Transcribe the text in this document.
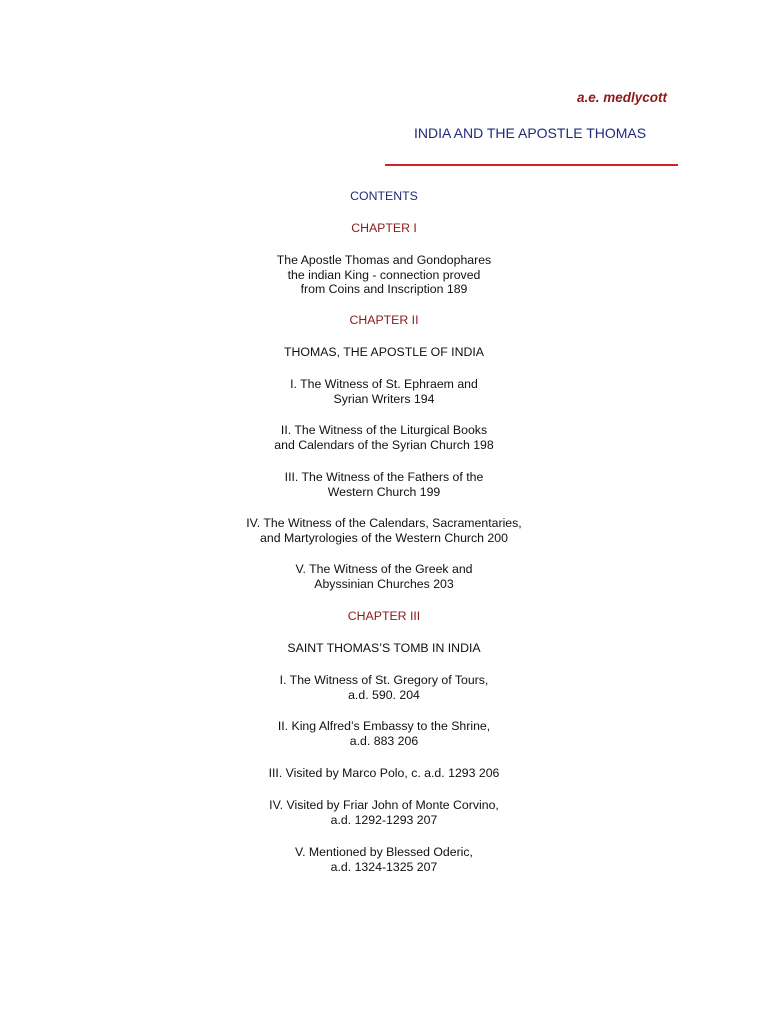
a.e. medlycott
INDIA AND THE APOSTLE THOMAS
CONTENTS
CHAPTER I
The Apostle Thomas and Gondophares
the indian King - connection proved
from Coins and Inscription 189
CHAPTER II
THOMAS, THE APOSTLE OF INDIA
I. The Witness of St. Ephraem and
Syrian Writers 194
II. The Witness of the Liturgical Books
and Calendars of the Syrian Church 198
III. The Witness of the Fathers of the
Western Church 199
IV. The Witness of the Calendars, Sacramentaries,
and Martyrologies of the Western Church 200
V. The Witness of the Greek and
Abyssinian Churches 203
CHAPTER III
SAINT THOMAS’S TOMB IN INDIA
I. The Witness of St. Gregory of Tours,
a.d. 590. 204
II. King Alfred’s Embassy to the Shrine,
a.d. 883 206
III. Visited by Marco Polo, c. a.d. 1293 206
IV. Visited by Friar John of Monte Corvino,
a.d. 1292-1293 207
V. Mentioned by Blessed Oderic,
a.d. 1324-1325 207
